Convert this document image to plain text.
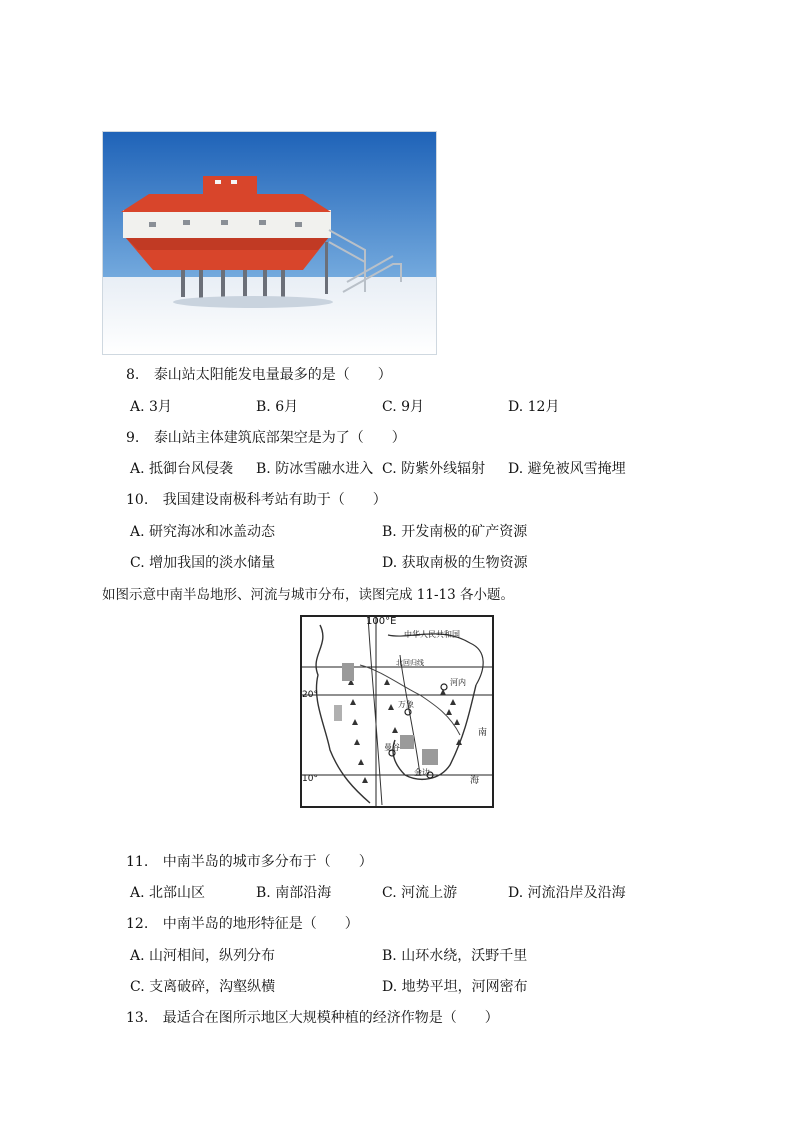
8. 泰山站太阳能发电量最多的是（　　）
A. 3月	B. 6月	C. 9月	D. 12月
9. 泰山站主体建筑底部架空是为了（　　）
A. 抵御台风侵袭 B. 防冰雪融水进入 C. 防紫外线辐射 D. 避免被风雪掩埋
10. 我国建设南极科考站有助于（　　）
A. 研究海冰和冰盖动态	B. 开发南极的矿产资源
C. 增加我国的淡水储量	D. 获取南极的生物资源
如图示意中南半岛地形、河流与城市分布，读图完成 11-13 各小题。
100°E
中华人民共和国
北回归线
20°
10°
河内
万象
曼谷
金边
南
海
11. 中南半岛的城市多分布于（　　）
A. 北部山区	B. 南部沿海	C. 河流上游	D. 河流沿岸及沿海
12. 中南半岛的地形特征是（　　）
A. 山河相间，纵列分布	B. 山环水绕，沃野千里
C. 支离破碎，沟壑纵横	D. 地势平坦，河网密布
13. 最适合在图所示地区大规模种植的经济作物是（　　）
